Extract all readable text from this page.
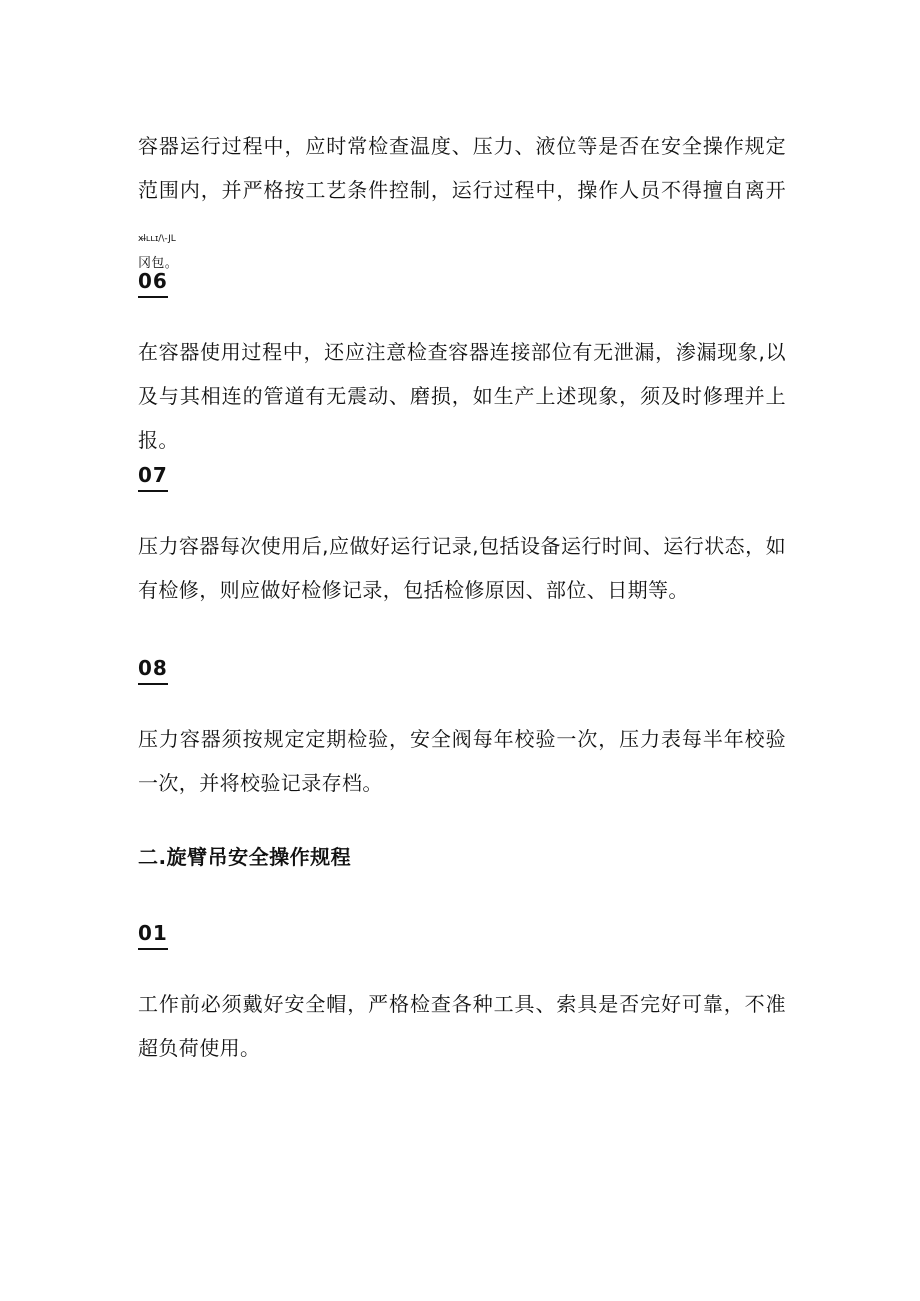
容器运行过程中，应时常检查温度、压力、液位等是否在安全操作规定范围内，并严格按工艺条件控制，运行过程中，操作人员不得擅自离开xl̶ʟʟɪ/\-JL
冈包。

06

在容器使用过程中，还应注意检查容器连接部位有无泄漏，渗漏现象,以及与其相连的管道有无震动、磨损，如生产上述现象，须及时修理并上报。

07

压力容器每次使用后,应做好运行记录,包括设备运行时间、运行状态，如有检修，则应做好检修记录，包括检修原因、部位、日期等。

08

压力容器须按规定定期检验，安全阀每年校验一次，压力表每半年校验一次，并将校验记录存档。

二.旋臂吊安全操作规程
01

工作前必须戴好安全帽，严格检查各种工具、索具是否完好可靠，不准超负荷使用。
